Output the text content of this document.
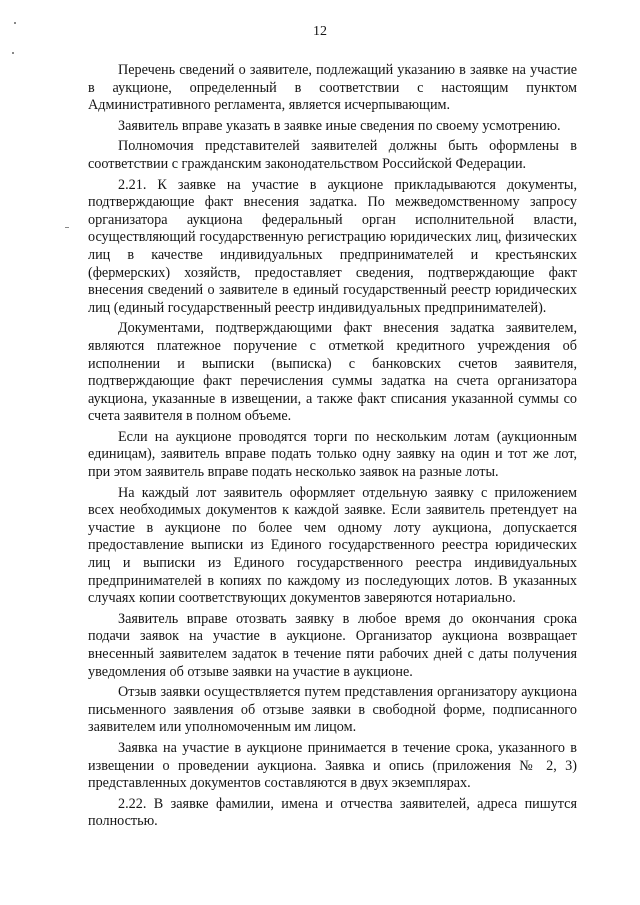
12

Перечень сведений о заявителе, подлежащий указанию в заявке на участие в аукционе, определенный в соответствии с настоящим пунктом Административного регламента, является исчерпывающим.

Заявитель вправе указать в заявке иные сведения по своему усмотрению.

Полномочия представителей заявителей должны быть оформлены в соответствии с гражданским законодательством Российской Федерации.

2.21. К заявке на участие в аукционе прикладываются документы, подтверждающие факт внесения задатка. По межведомственному запросу организатора аукциона федеральный орган исполнительной власти, осуществляющий государственную регистрацию юридических лиц, физических лиц в качестве индивидуальных предпринимателей и крестьянских (фермерских) хозяйств, предоставляет сведения, подтверждающие факт внесения сведений о заявителе в единый государственный реестр юридических лиц (единый государственный реестр индивидуальных предпринимателей).

Документами, подтверждающими факт внесения задатка заявителем, являются платежное поручение с отметкой кредитного учреждения об исполнении и выписки (выписка) с банковских счетов заявителя, подтверждающие факт перечисления суммы задатка на счета организатора аукциона, указанные в извещении, а также факт списания указанной суммы со счета заявителя в полном объеме.

Если на аукционе проводятся торги по нескольким лотам (аукционным единицам), заявитель вправе подать только одну заявку на один и тот же лот, при этом заявитель вправе подать несколько заявок на разные лоты.

На каждый лот заявитель оформляет отдельную заявку с приложением всех необходимых документов к каждой заявке. Если заявитель претендует на участие в аукционе по более чем одному лоту аукциона, допускается предоставление выписки из Единого государственного реестра юридических лиц и выписки из Единого государственного реестра индивидуальных предпринимателей в копиях по каждому из последующих лотов. В указанных случаях копии соответствующих документов заверяются нотариально.

Заявитель вправе отозвать заявку в любое время до окончания срока подачи заявок на участие в аукционе. Организатор аукциона возвращает внесенный заявителем задаток в течение пяти рабочих дней с даты получения уведомления об отзыве заявки на участие в аукционе.

Отзыв заявки осуществляется путем представления организатору аукциона письменного заявления об отзыве заявки в свободной форме, подписанного заявителем или уполномоченным им лицом.

Заявка на участие в аукционе принимается в течение срока, указанного в извещении о проведении аукциона. Заявка и опись (приложения № 2, 3) представленных документов составляются в двух экземплярах.

2.22. В заявке фамилии, имена и отчества заявителей, адреса пишутся полностью.
